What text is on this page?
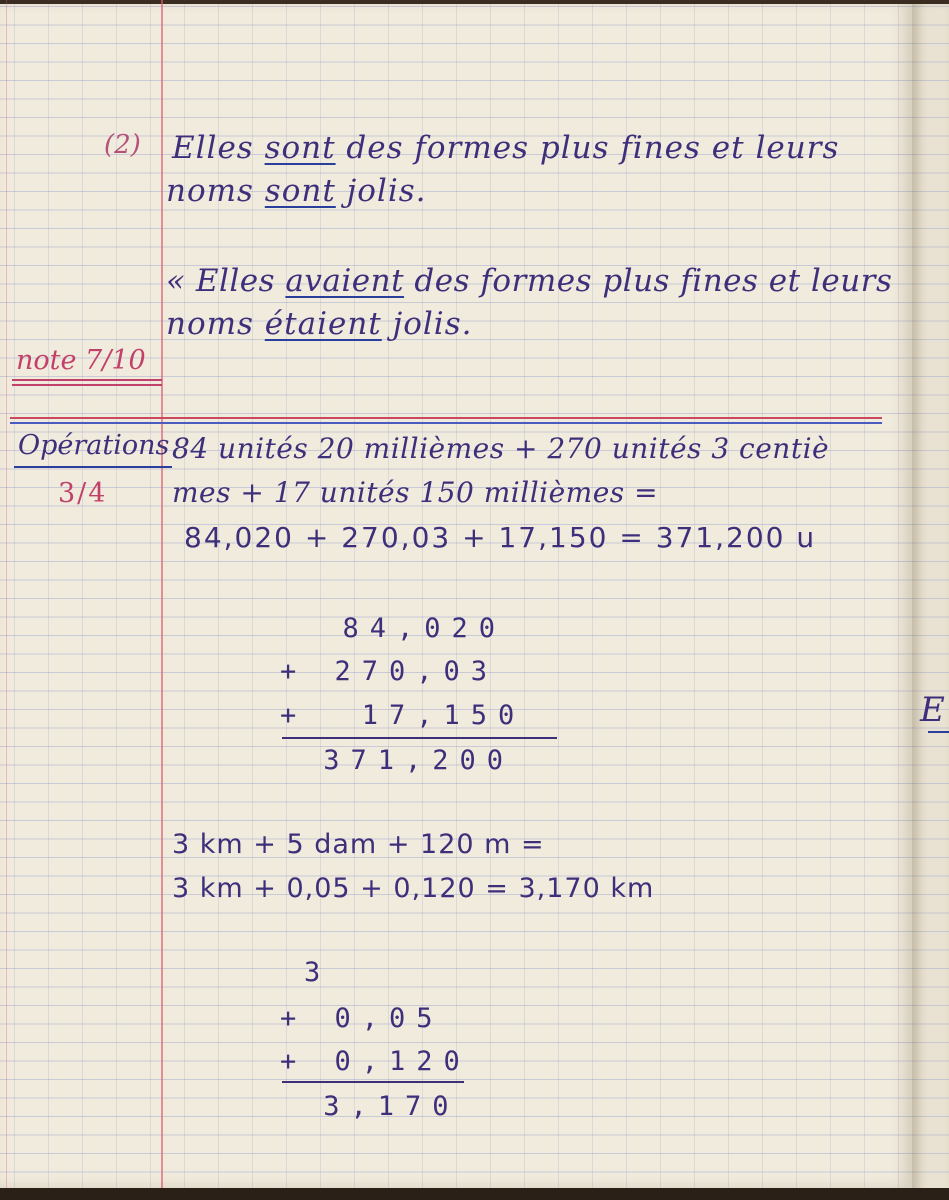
(2) Elles sont des formes plus fines et leurs

noms sont jolis.

« Elles avaient des formes plus fines et leurs

noms étaient jolis.

note 7/10
Opérations
3/4

84 unités 20 millièmes + 270 unités 3 centiè

mes + 17 unités 150 millièmes =

84,020 + 270,03 + 17,150 = 371,200 u

84,020

+ 270,03

+  17,150

371,200

3 km + 5 dam + 120 m =

3 km + 0,05 + 0,120 = 3,170 km

3

+ 0,05

+ 0,120

3,170

E
